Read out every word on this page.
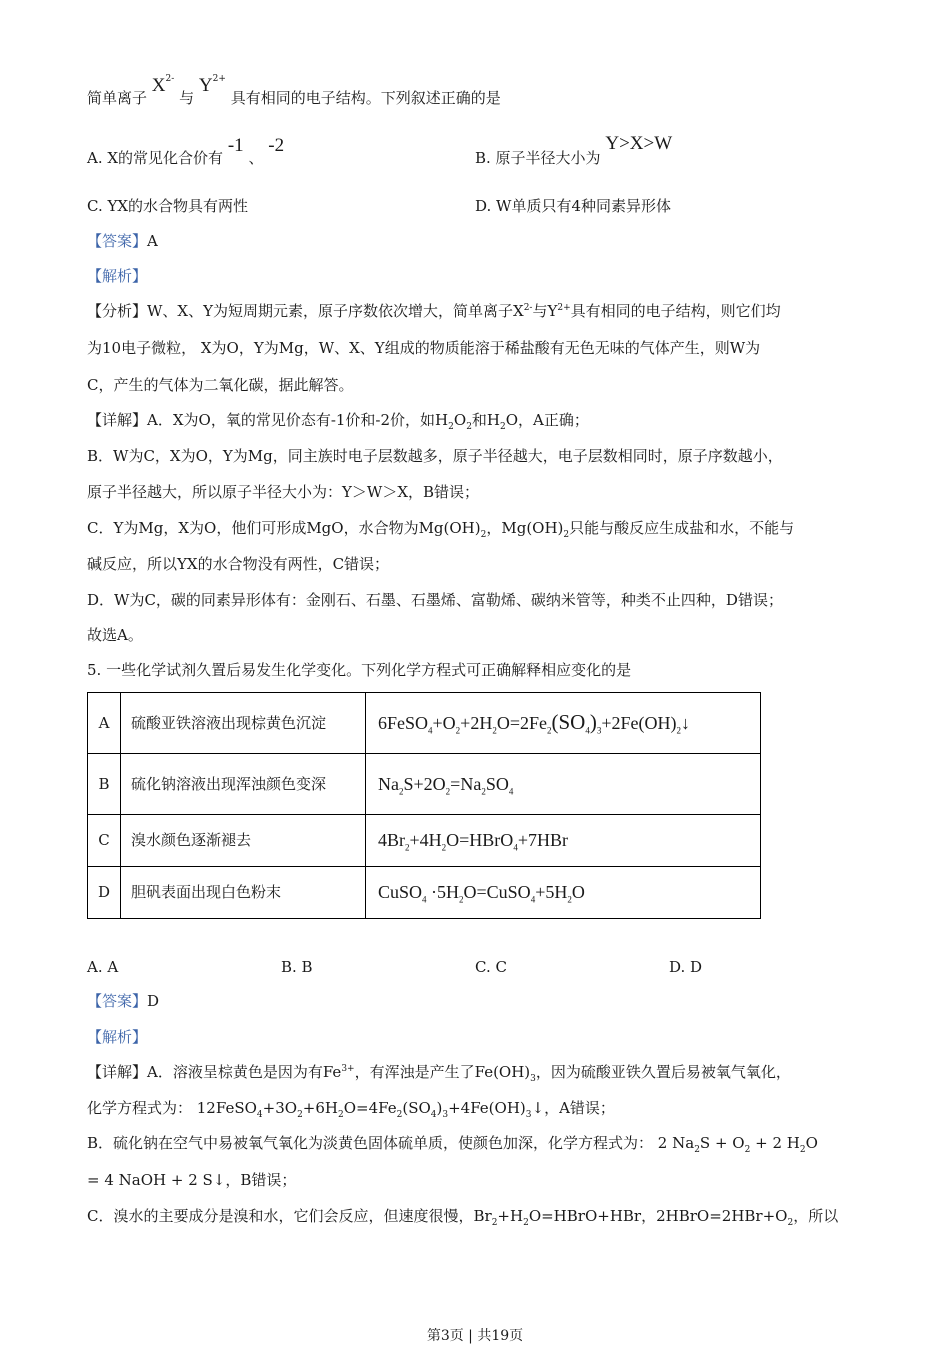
简单离子 $X^{2-}$ 与 $Y^{2+}$ 具有相同的电子结构。下列叙述正确的是
A. X的常见化合价有 -1 、 -2
B. 原子半径大小为 Y>X>W
C. YX的水合物具有两性	D. W单质只有4种同素异形体
【答案】A
【解析】
【分析】W、X、Y为短周期元素，原子序数依次增大，简单离子$X^{2-}$与$Y^{2+}$具有相同的电子结构，则它们均
为10电子微粒， X为O，Y为Mg，W、X、Y组成的物质能溶于稀盐酸有无色无味的气体产生，则W为
C，产生的气体为二氧化碳，据此解答。
【详解】A．X为O，氧的常见价态有-1价和-2价，如$H_2O_2$和$H_2O$，A正确；
B．W为C，X为O，Y为Mg，同主族时电子层数越多，原子半径越大，电子层数相同时，原子序数越小，
原子半径越大，所以原子半径大小为：Y＞W＞X，B错误；
C．Y为Mg，X为O，他们可形成MgO，水合物为$Mg(OH)_2$，$Mg(OH)_2$只能与酸反应生成盐和水，不能与
碱反应，所以YX的水合物没有两性，C错误；
D．W为C，碳的同素异形体有：金刚石、石墨、石墨烯、富勒烯、碳纳米管等，种类不止四种，D错误；
故选A。
5. 一些化学试剂久置后易发生化学变化。下列化学方程式可正确解释相应变化的是
A	硫酸亚铁溶液出现棕黄色沉淀	$6FeSO_4+O_2+2H_2O=2Fe_2(SO_4)_3+2Fe(OH)_2↓$
B	硫化钠溶液出现浑浊颜色变深	$Na_2S+2O_2=Na_2SO_4$
C	溴水颜色逐渐褪去	$4Br_2+4H_2O=HBrO_4+7HBr$
D	胆矾表面出现白色粉末	CuSO$_4$ $\cdot 5H_2O=CuSO_4+5H_2O$
A. A	B. B	C. C	D. D
【答案】D
【解析】
【详解】A．溶液呈棕黄色是因为有$Fe^{3+}$，有浑浊是产生了$Fe(OH)_3$，因为硫酸亚铁久置后易被氧气氧化，
化学方程式为： $12FeSO_4+3O_2+6H_2O=4Fe_2(SO_4)_3+4Fe(OH)_3↓$，A错误；
B．硫化钠在空气中易被氧气氧化为淡黄色固体硫单质，使颜色加深，化学方程式为： 2 $Na_2S + O_2 + 2$ $H_2O$
= 4 NaOH + 2 S↓，B错误；
C．溴水的主要成分是溴和水，它们会反应，但速度很慢，$Br_2+H_2O=HBrO+HBr$，$2HBrO=2HBr+O_2$，所以
第3页 | 共19页
